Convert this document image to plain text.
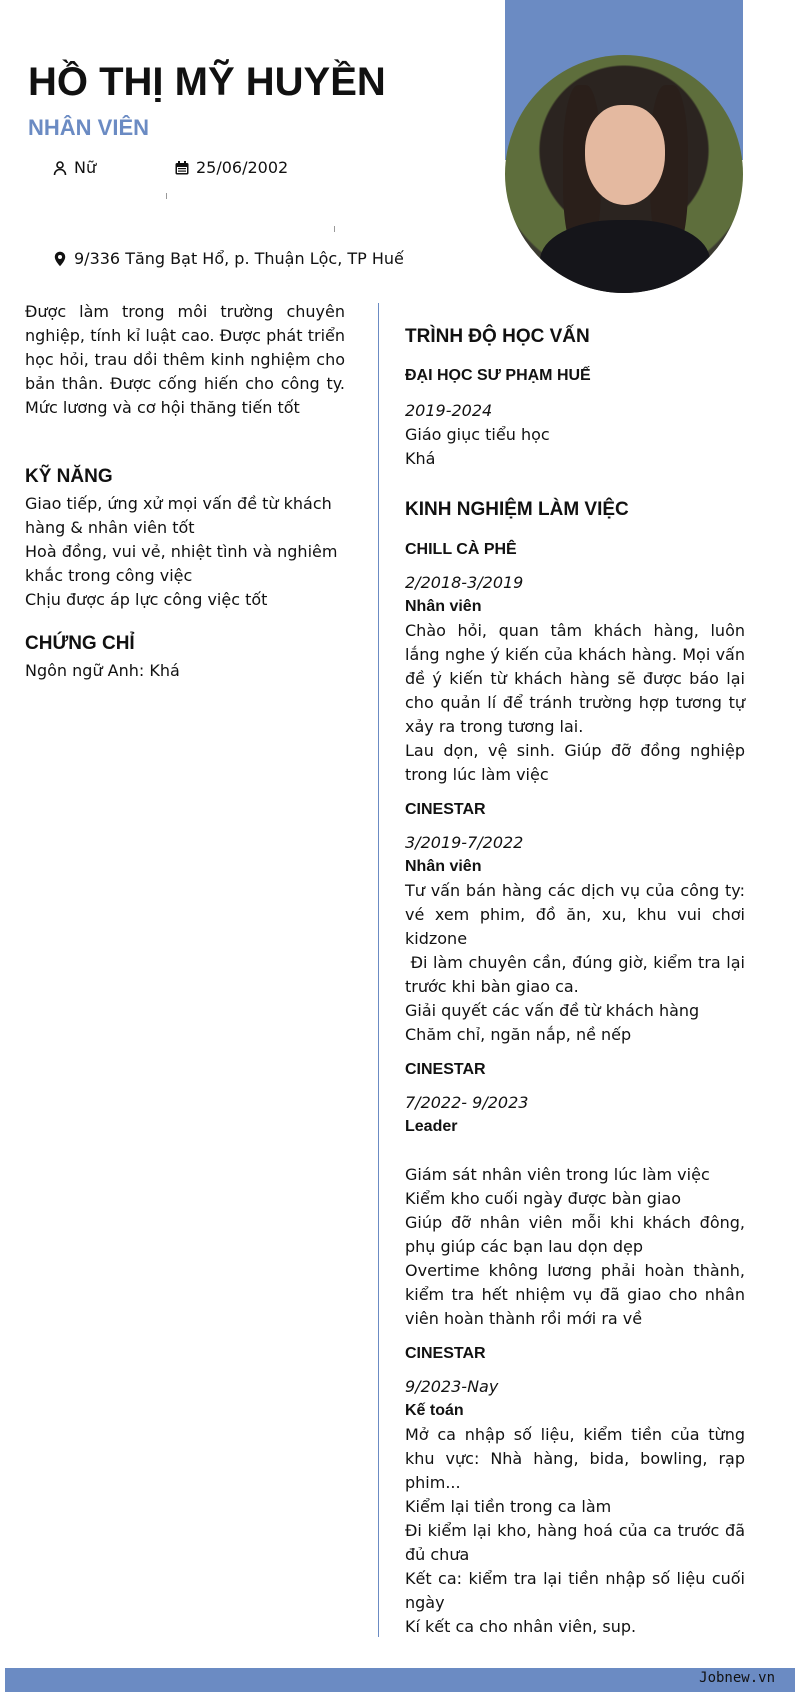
HỒ THỊ MỸ HUYỀN
NHÂN VIÊN
Nữ	25/06/2002
9/336 Tăng Bạt Hổ, p. Thuận Lộc, TP Huế
Được làm trong môi trường chuyên nghiệp, tính kỉ luật cao. Được phát triển học hỏi, trau dồi thêm kinh nghiệm cho bản thân. Được cống hiến cho công ty. Mức lương và cơ hội thăng tiến tốt
KỸ NĂNG
Giao tiếp, ứng xử mọi vấn đề từ khách hàng & nhân viên tốt
Hoà đồng, vui vẻ, nhiệt tình và nghiêm khắc trong công việc
Chịu được áp lực công việc tốt
CHỨNG CHỈ
Ngôn ngữ Anh: Khá
TRÌNH ĐỘ HỌC VẤN
ĐẠI HỌC SƯ PHẠM HUẾ
2019-2024
Giáo giục tiểu học
Khá
KINH NGHIỆM LÀM VIỆC
CHILL CÀ PHÊ
2/2018-3/2019
Nhân viên
Chào hỏi, quan tâm khách hàng, luôn lắng nghe ý kiến của khách hàng. Mọi vấn đề ý kiến từ khách hàng sẽ được báo lại cho quản lí để tránh trường hợp tương tự xảy ra trong tương lai.
Lau dọn, vệ sinh. Giúp đỡ đồng nghiệp trong lúc làm việc
CINESTAR
3/2019-7/2022
Nhân viên
Tư vấn bán hàng các dịch vụ của công ty: vé xem phim, đồ ăn, xu, khu vui chơi kidzone
Đi làm chuyên cần, đúng giờ, kiểm tra lại trước khi bàn giao ca.
Giải quyết các vấn đề từ khách hàng
Chăm chỉ, ngăn nắp, nề nếp
CINESTAR
7/2022- 9/2023
Leader
Giám sát nhân viên trong lúc làm việc
Kiểm kho cuối ngày được bàn giao
Giúp đỡ nhân viên mỗi khi khách đông, phụ giúp các bạn lau dọn dẹp
Overtime không lương phải hoàn thành, kiểm tra hết nhiệm vụ đã giao cho nhân viên hoàn thành rồi mới ra về
CINESTAR
9/2023-Nay
Kế toán
Mở ca nhập số liệu, kiểm tiền của từng khu vực: Nhà hàng, bida, bowling, rạp phim...
Kiểm lại tiền trong ca làm
Đi kiểm lại kho, hàng hoá của ca trước đã đủ chưa
Kết ca: kiểm tra lại tiền nhập số liệu cuối ngày
Kí kết ca cho nhân viên, sup.
Jobnew.vn
